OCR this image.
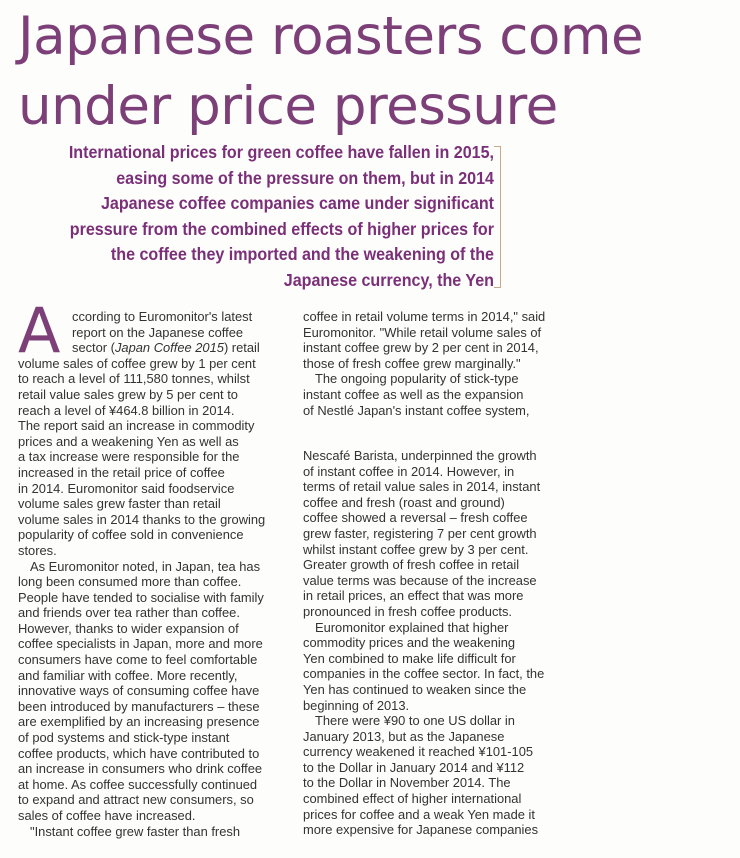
Japanese roasters come
under price pressure

International prices for green coffee have fallen in 2015,
easing some of the pressure on them, but in 2014
Japanese coffee companies came under significant
pressure from the combined effects of higher prices for
the coffee they imported and the weakening of the
Japanese currency, the Yen

A ccording to Euromonitor's latest
report on the Japanese coffee
sector (Japan Coffee 2015) retail
volume sales of coffee grew by 1 per cent
to reach a level of 111,580 tonnes, whilst
retail value sales grew by 5 per cent to
reach a level of ¥464.8 billion in 2014.
The report said an increase in commodity
prices and a weakening Yen as well as
a tax increase were responsible for the
increased in the retail price of coffee
in 2014. Euromonitor said foodservice
volume sales grew faster than retail
volume sales in 2014 thanks to the growing
popularity of coffee sold in convenience
stores.
As Euromonitor noted, in Japan, tea has
long been consumed more than coffee.
People have tended to socialise with family
and friends over tea rather than coffee.
However, thanks to wider expansion of
coffee specialists in Japan, more and more
consumers have come to feel comfortable
and familiar with coffee. More recently,
innovative ways of consuming coffee have
been introduced by manufacturers – these
are exemplified by an increasing presence
of pod systems and stick-type instant
coffee products, which have contributed to
an increase in consumers who drink coffee
at home. As coffee successfully continued
to expand and attract new consumers, so
sales of coffee have increased.
"Instant coffee grew faster than fresh
coffee in retail volume terms in 2014," said
Euromonitor. "While retail volume sales of
instant coffee grew by 2 per cent in 2014,
those of fresh coffee grew marginally."
The ongoing popularity of stick-type
instant coffee as well as the expansion
of Nestlé Japan's instant coffee system,
Nescafé Barista, underpinned the growth
of instant coffee in 2014. However, in
terms of retail value sales in 2014, instant
coffee and fresh (roast and ground)
coffee showed a reversal – fresh coffee
grew faster, registering 7 per cent growth
whilst instant coffee grew by 3 per cent.
Greater growth of fresh coffee in retail
value terms was because of the increase
in retail prices, an effect that was more
pronounced in fresh coffee products.
Euromonitor explained that higher
commodity prices and the weakening
Yen combined to make life difficult for
companies in the coffee sector. In fact, the
Yen has continued to weaken since the
beginning of 2013.
There were ¥90 to one US dollar in
January 2013, but as the Japanese
currency weakened it reached ¥101-105
to the Dollar in January 2014 and ¥112
to the Dollar in November 2014. The
combined effect of higher international
prices for coffee and a weak Yen made it
more expensive for Japanese companies
